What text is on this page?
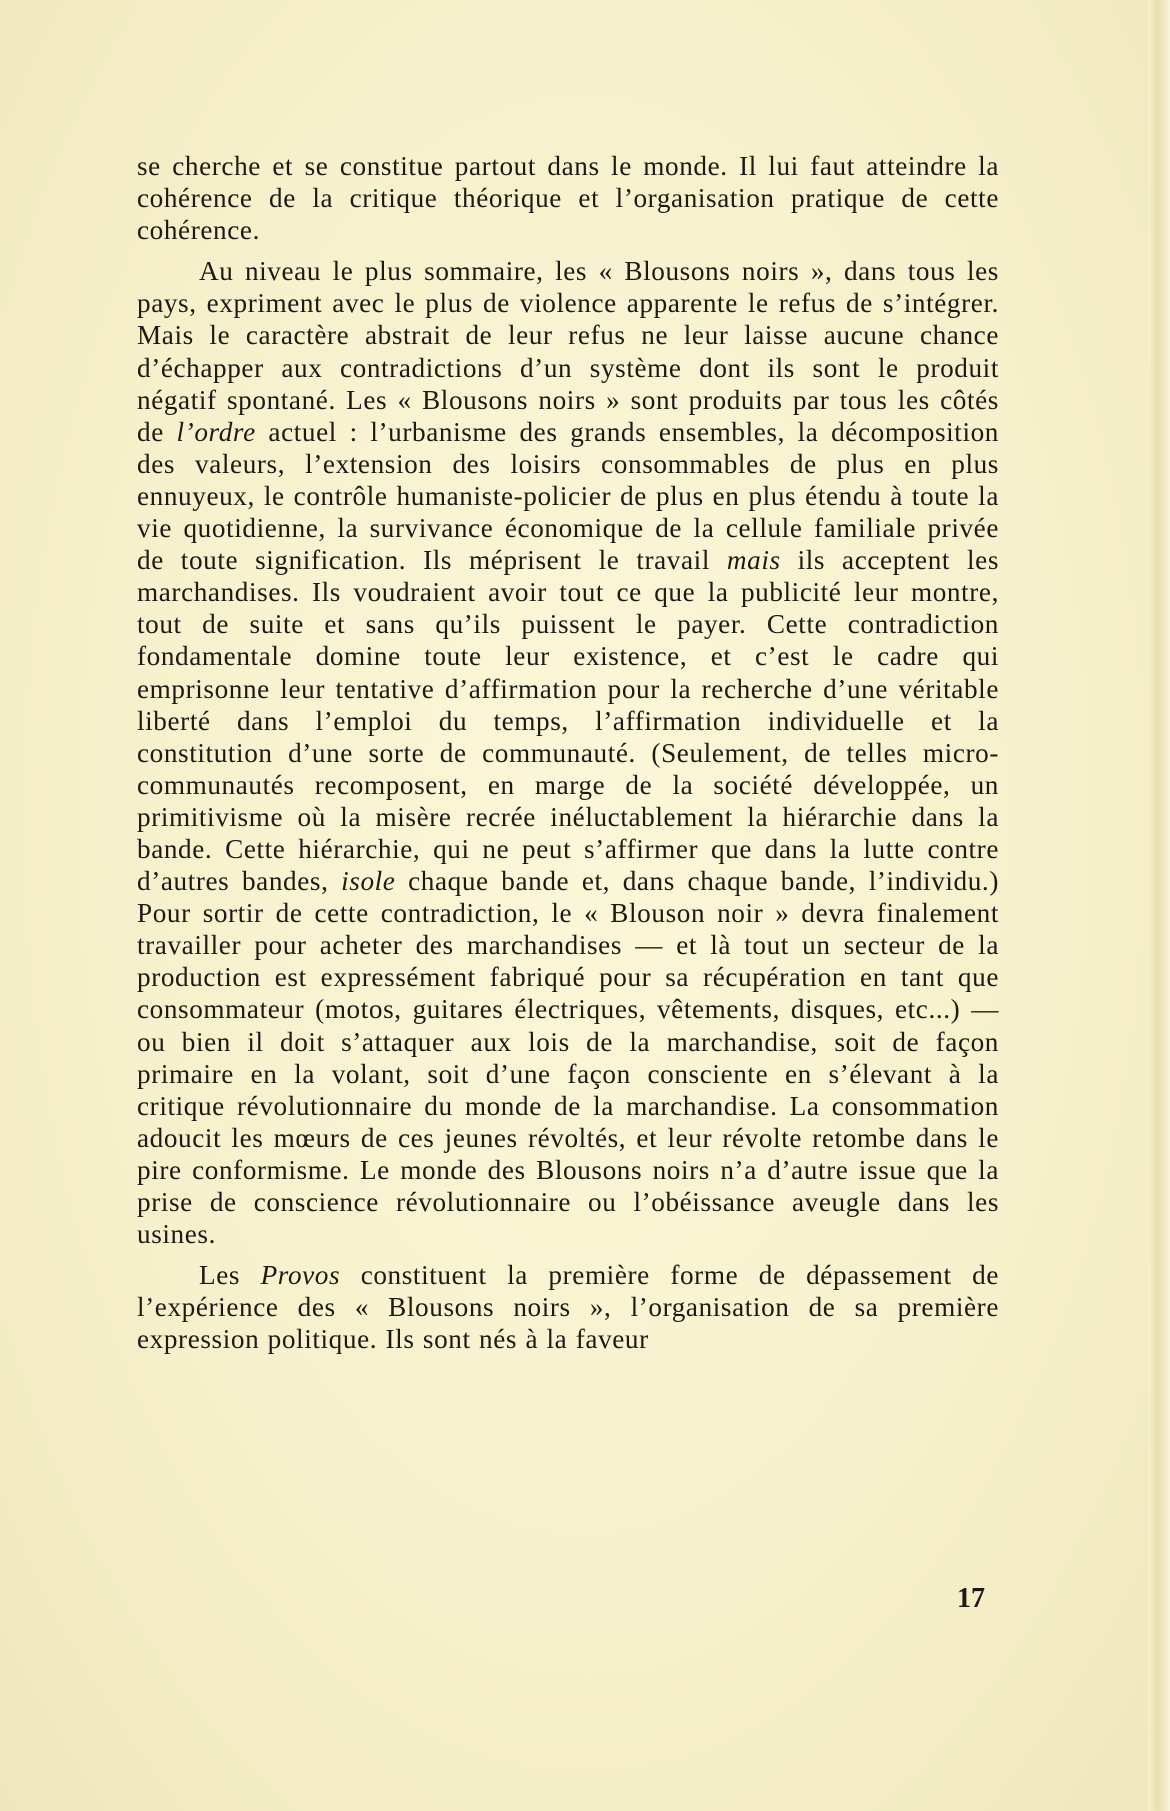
se cherche et se constitue partout dans le monde. Il lui faut atteindre la cohérence de la critique théorique et l’organisation pratique de cette cohérence.

Au niveau le plus sommaire, les « Blousons noirs », dans tous les pays, expriment avec le plus de violence apparente le refus de s’intégrer. Mais le caractère abstrait de leur refus ne leur laisse aucune chance d’échapper aux contradictions d’un système dont ils sont le produit négatif spontané. Les « Blousons noirs » sont produits par tous les côtés de l’ordre actuel : l’urbanisme des grands ensembles, la décomposition des valeurs, l’extension des loisirs consommables de plus en plus ennuyeux, le contrôle humaniste-policier de plus en plus étendu à toute la vie quotidienne, la survivance économique de la cellule familiale privée de toute signification. Ils méprisent le travail mais ils acceptent les marchandises. Ils voudraient avoir tout ce que la publicité leur montre, tout de suite et sans qu’ils puissent le payer. Cette contradiction fondamentale domine toute leur existence, et c’est le cadre qui emprisonne leur tentative d’affirmation pour la recherche d’une véritable liberté dans l’emploi du temps, l’affirmation individuelle et la constitution d’une sorte de communauté. (Seulement, de telles micro-communautés recomposent, en marge de la société développée, un primitivisme où la misère recrée inéluctablement la hiérarchie dans la bande. Cette hiérarchie, qui ne peut s’affirmer que dans la lutte contre d’autres bandes, isole chaque bande et, dans chaque bande, l’individu.) Pour sortir de cette contradiction, le « Blouson noir » devra finalement travailler pour acheter des marchandises — et là tout un secteur de la production est expressément fabriqué pour sa récupération en tant que consommateur (motos, guitares électriques, vêtements, disques, etc...) — ou bien il doit s’attaquer aux lois de la marchandise, soit de façon primaire en la volant, soit d’une façon consciente en s’élevant à la critique révolutionnaire du monde de la marchandise. La consommation adoucit les mœurs de ces jeunes révoltés, et leur révolte retombe dans le pire conformisme. Le monde des Blousons noirs n’a d’autre issue que la prise de conscience révolutionnaire ou l’obéissance aveugle dans les usines.

Les Provos constituent la première forme de dépassement de l’expérience des « Blousons noirs », l’organisation de sa première expression politique. Ils sont nés à la faveur

17
